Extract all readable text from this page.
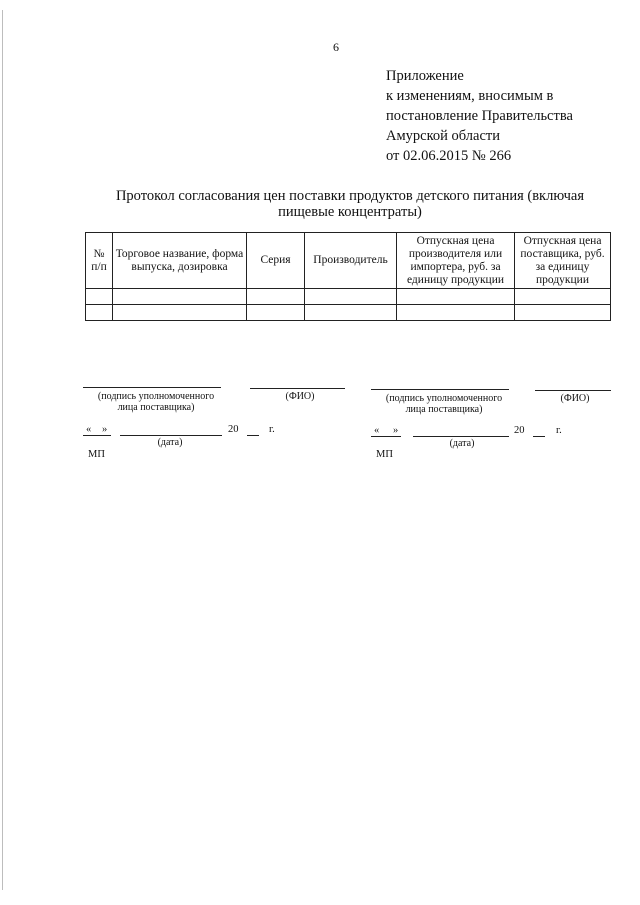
6
Приложение
к изменениям, вносимым в
постановление Правительства
Амурской области
от 02.06.2015 № 266
Протокол согласования цен поставки продуктов детского питания (включая
пищевые концентраты)
№ п/п	Торговое название, форма выпуска, дозировка	Серия	Производитель	Отпускная цена производителя или импортера, руб. за единицу продукции	Отпускная цена поставщика, руб. за единицу продукции

(подпись уполномоченного
лица поставщика)
(ФИО)
« »	20	г.
(дата)
МП
(подпись уполномоченного
лица поставщика)
(ФИО)
« »	20	г.
(дата)
МП
